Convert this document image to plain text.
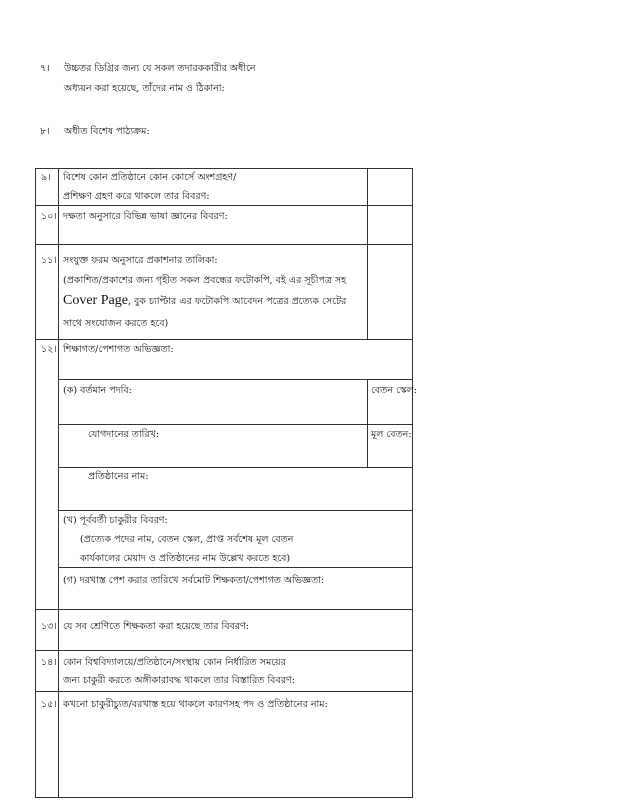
৭। উচ্চতর ডিগ্রির জন্য যে সকল তদারককারীর অধীনে
অধ্যয়ন করা হয়েছে, তাঁদের নাম ও ঠিকানা:
৮। অধীত বিশেষ পাঠ্যক্রম:
৯। বিশেষ কোন প্রতিষ্ঠানে কোন কোর্সে অংশগ্রহণ/
প্রশিক্ষণ গ্রহণ করে থাকলে তার বিবরণ:
১০। দক্ষতা অনুসারে বিভিন্ন ভাষা জ্ঞানের বিবরণ:
১১। সংযুক্ত ফরম অনুসারে প্রকাশনার তালিকা:
(প্রকাশিত/প্রকাশের জন্য গৃহীত সকল প্রবন্ধের ফটোকপি, বই এর সূচীপত্র সহ
Cover Page, বুক চ্যাপ্টার এর ফটোকপি আবেদন পত্রের প্রত্যেক সেটের
সাথে সংযোজন করতে হবে)
১২। শিক্ষাগত/পেশাগত অভিজ্ঞতা:
(ক) বর্তমান পদবি:	বেতন স্কেল:
যোগদানের তারিখ:	মূল বেতন:
প্রতিষ্ঠানের নাম:
(খ) পূর্ববর্তী চাকুরীর বিবরণ:
(প্রত্যেক পদের নাম, বেতন স্কেল, প্রাপ্ত সর্বশেষ মূল বেতন
কার্যকালের মেয়াদ ও প্রতিষ্ঠানের নাম উল্লেখ করতে হবে)
(গ) দরখাস্ত পেশ করার তারিখে সর্বমোট শিক্ষকতা/পেশাগত অভিজ্ঞতা:
১৩। যে সব শ্রেণিতে শিক্ষকতা করা হয়েছে তার বিবরণ:
১৪। কোন বিশ্ববিদ্যালয়ে/প্রতিষ্ঠানে/সংস্থায় কোন নির্ধারিত সময়ের
জন্য চাকুরী করতে অঙ্গীকারাবদ্ধ থাকলে তার বিস্তারিত বিবরণ:
১৫। কখনো চাকুরীচ্যুত/বরখাস্ত হয়ে থাকলে কারণসহ পদ ও প্রতিষ্ঠানের নাম:
